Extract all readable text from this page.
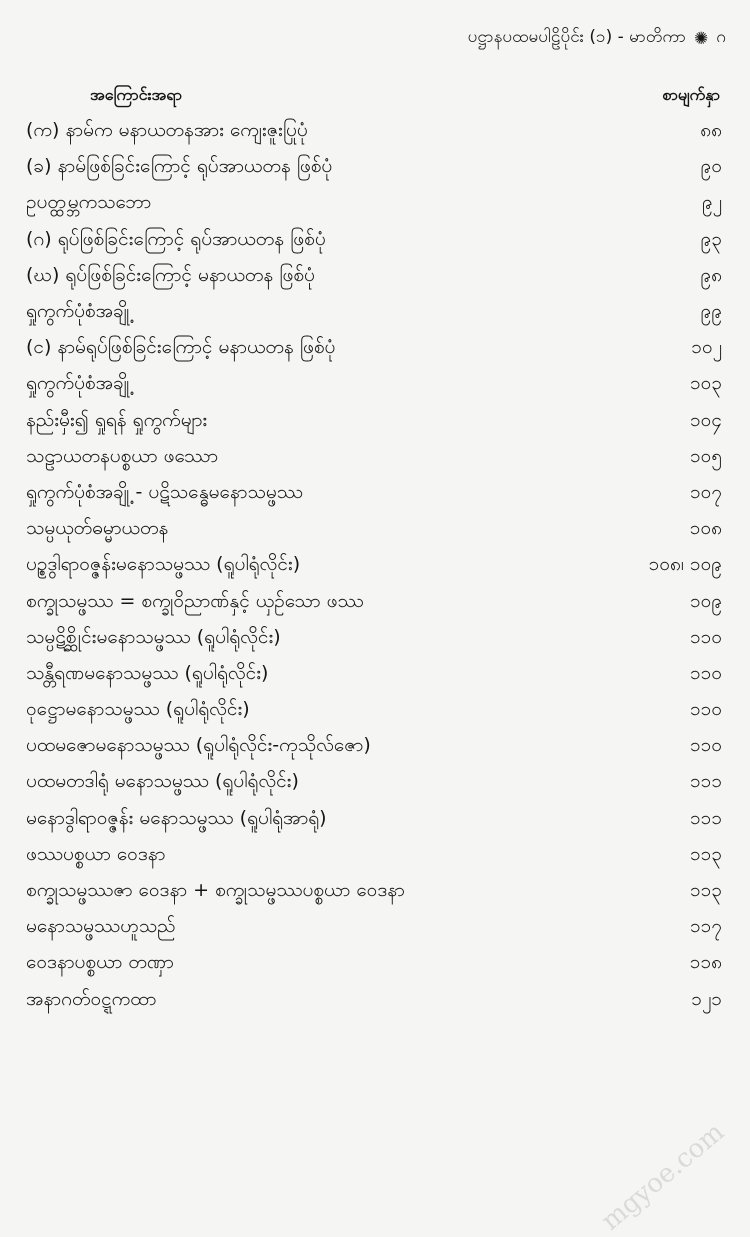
ပဋ္ဌာနပထမပါဠိပိုင်း (၁) - မာတိကာ ✺ ဂ
အကြောင်းအရာ	စာမျက်နှာ
(က) နာမ်က မနာယတနအား ကျေးဇူးပြုပုံ	၈၈
(ခ) နာမ်ဖြစ်ခြင်းကြောင့် ရုပ်အာယတန ဖြစ်ပုံ	၉၀
ဥပတ္ထမ္ဘကသဘော	၉၂
(ဂ) ရုပ်ဖြစ်ခြင်းကြောင့် ရုပ်အာယတန ဖြစ်ပုံ	၉၃
(ဃ) ရုပ်ဖြစ်ခြင်းကြောင့် မနာယတန ဖြစ်ပုံ	၉၈
ရှုကွက်ပုံစံအချို့	၉၉
(င) နာမ်ရုပ်ဖြစ်ခြင်းကြောင့် မနာယတန ဖြစ်ပုံ	၁၀၂
ရှုကွက်ပုံစံအချို့	၁၀၃
နည်းမှီး၍ ရှုရန် ရှုကွက်များ	၁၀၄
သဠာယတနပစ္စယာ ဖဿော	၁၀၅
ရှုကွက်ပုံစံအချို့ - ပဋိသန္ဓေမနောသမ္ဖဿ	၁၀၇
သမ္ပယုတ်ဓမ္မာယတန	၁၀၈
ပဉ္စဒွါရာဝဇ္ဇန်းမနောသမ္ဖဿ (ရူပါရုံလိုင်း)	၁၀၈၊ ၁၀၉
စက္ခုသမ္ဖဿ = စက္ခုဝိညာဏ်နှင့် ယှဉ်သော ဖဿ	၁၀၉
သမ္ပဋိစ္ဆိုင်းမနောသမ္ဖဿ (ရူပါရုံလိုင်း)	၁၁၀
သန္တီရဏမနောသမ္ဖဿ (ရူပါရုံလိုင်း)	၁၁၀
ဝုဋ္ဌောမနောသမ္ဖဿ (ရူပါရုံလိုင်း)	၁၁၀
ပထမဇောမနောသမ္ဖဿ (ရူပါရုံလိုင်း-ကုသိုလ်ဇော)	၁၁၀
ပထမတဒါရုံ မနောသမ္ဖဿ (ရူပါရုံလိုင်း)	၁၁၁
မနောဒွါရာဝဇ္ဇန်း မနောသမ္ဖဿ (ရူပါရုံအာရုံ)	၁၁၁
ဖဿပစ္စယာ ဝေဒနာ	၁၁၃
စက္ခုသမ္ဖဿဇာ ဝေဒနာ + စက္ခုသမ္ဖဿပစ္စယာ ဝေဒနာ	၁၁၃
မနောသမ္ဖဿဟူသည်	၁၁၇
ဝေဒနာပစ္စယာ တဏှာ	၁၁၈
အနာဂတ်ဝဋ္ဋကထာ	၁၂၁
mgyoe.com
